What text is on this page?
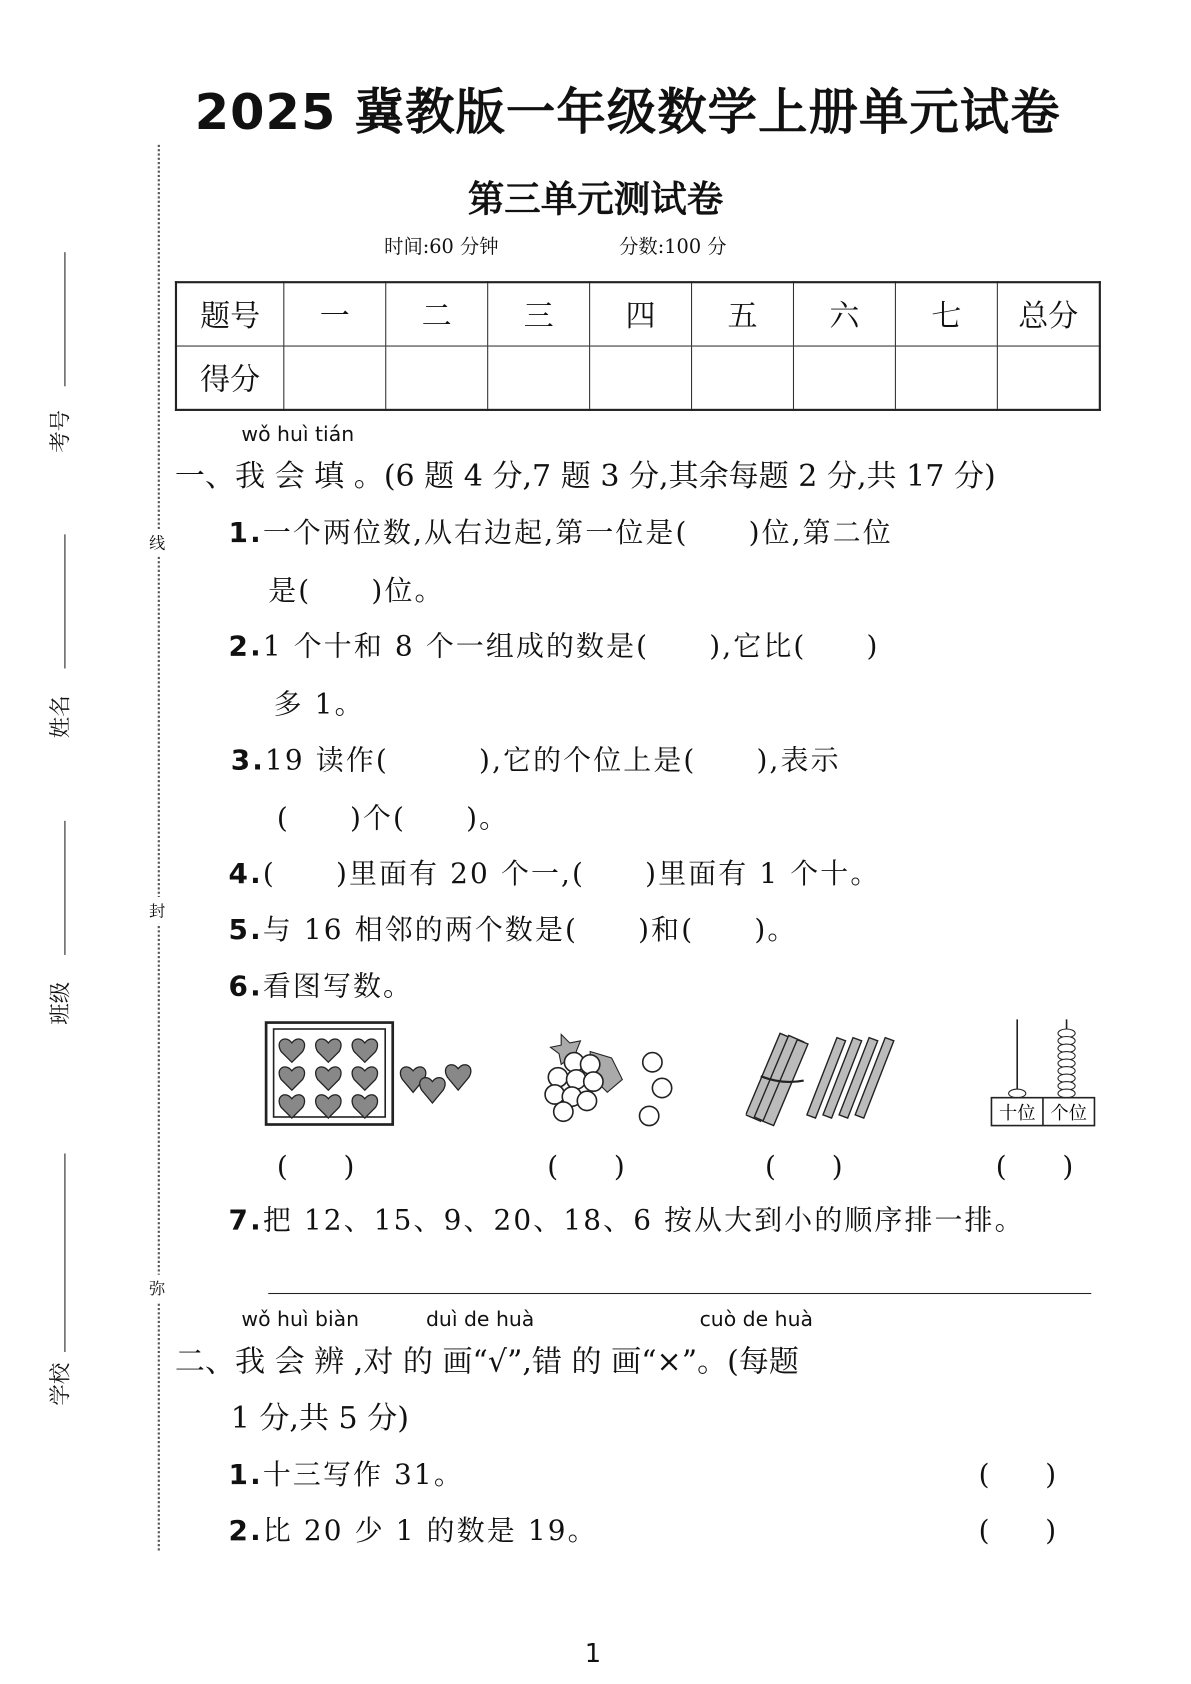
2025 冀教版一年级数学上册单元试卷
线
封
弥
考号
姓名
班级
学校
第三单元测试卷
时间:60 分钟	分数:100 分
题号	一	二	三	四	五	六	七	总分
得分								
wǒ huì tián
一、我 会 填 。(6 题 4 分,7 题 3 分,其余每题 2 分,共 17 分)
1.一个两位数,从右边起,第一位是(　　)位,第二位
是(　　)位。
2.1 个十和 8 个一组成的数是(　　),它比(　　)
多 1。
3.19 读作(　　　),它的个位上是(　　),表示
(　　)个(　　)。
4.(　　)里面有 20 个一,(　　)里面有 1 个十。
5.与 16 相邻的两个数是(　　)和(　　)。
6.看图写数。
十位 个位
(　　)	(　　)	(　　)	(　　)
7.把 12、15、9、20、18、6 按从大到小的顺序排一排。
wǒ huì biàn	duì de huà	cuò de huà
二、我 会 辨 ,对 的 画“√”,错 的 画“×”。(每题
1 分,共 5 分)
1.十三写作 31。	(　　)
2.比 20 少 1 的数是 19。	(　　)
1
